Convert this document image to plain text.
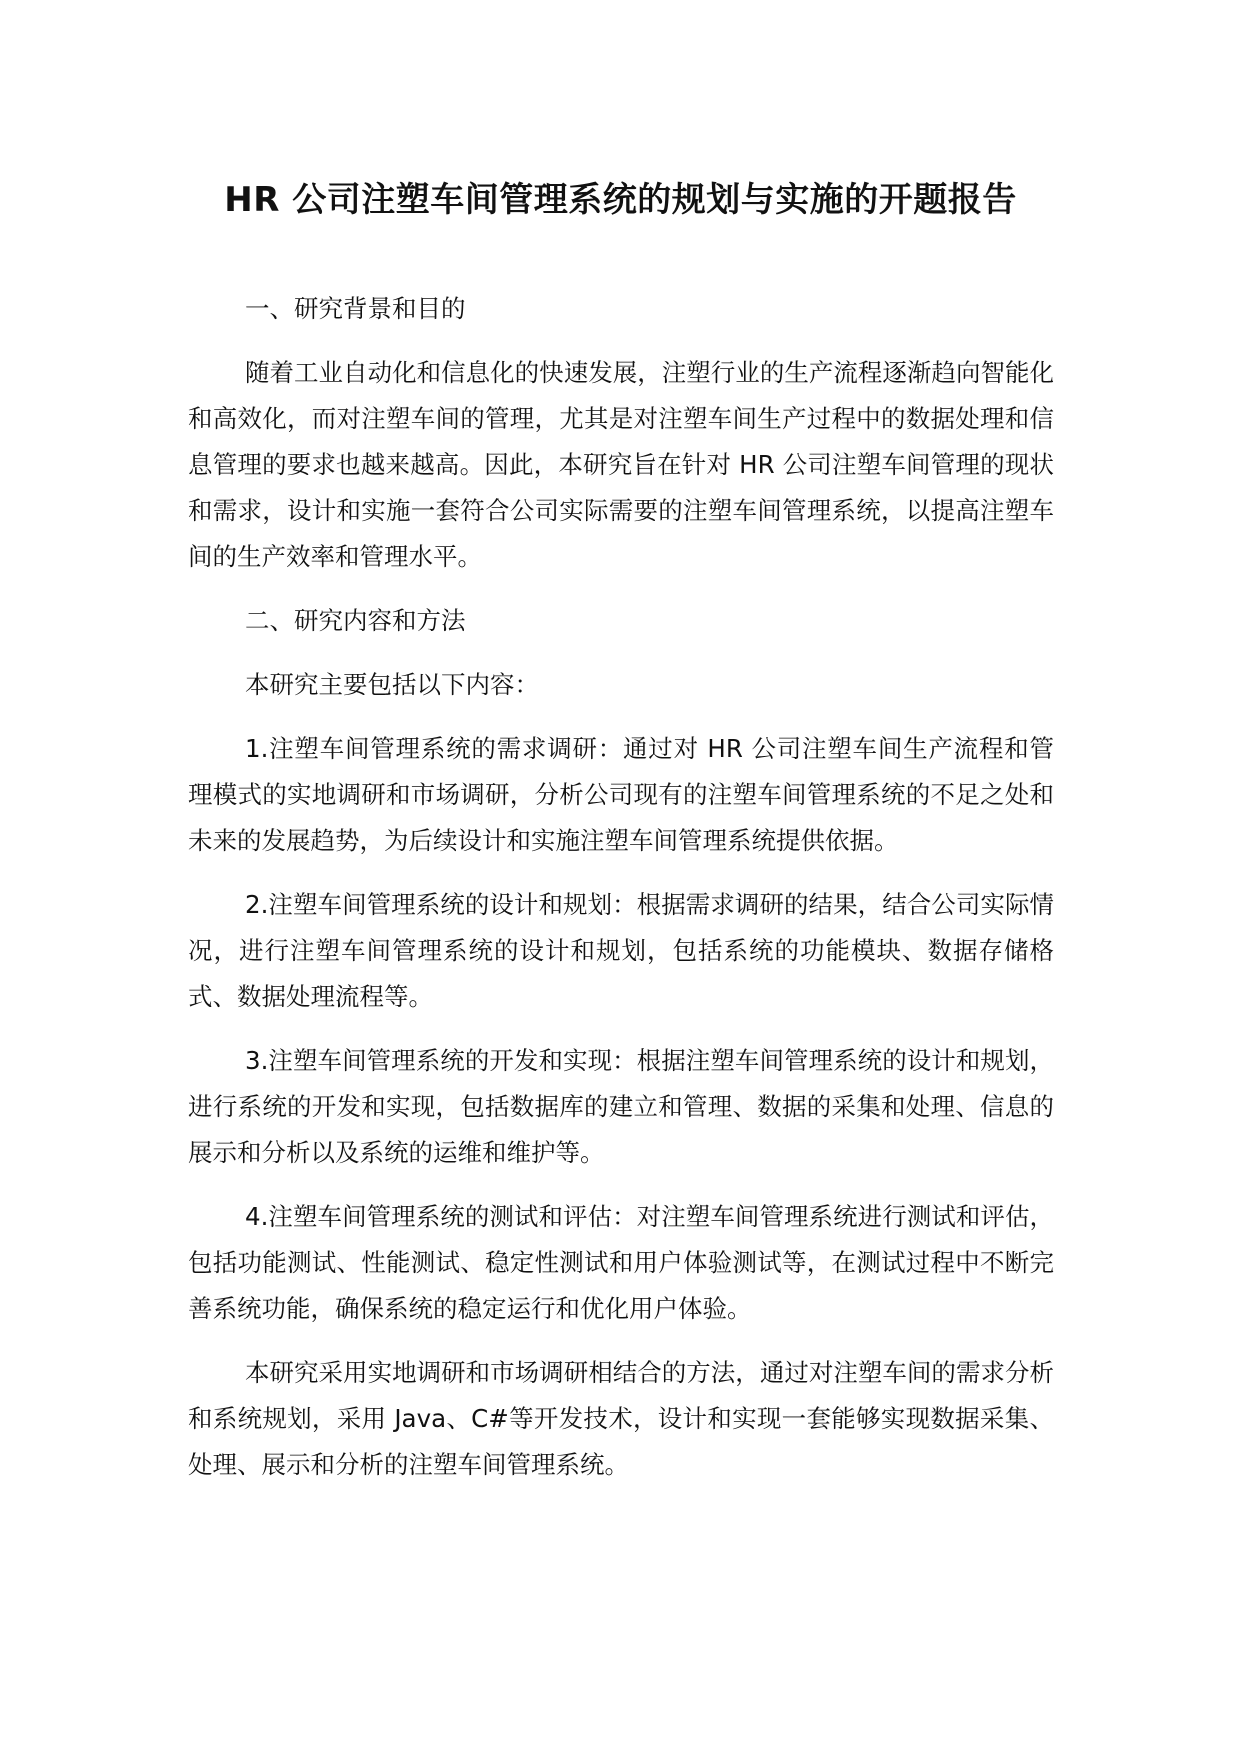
HR 公司注塑车间管理系统的规划与实施的开题报告

一、研究背景和目的

随着工业自动化和信息化的快速发展，注塑行业的生产流程逐渐趋向智能化和高效化，而对注塑车间的管理，尤其是对注塑车间生产过程中的数据处理和信息管理的要求也越来越高。因此，本研究旨在针对 HR 公司注塑车间管理的现状和需求，设计和实施一套符合公司实际需要的注塑车间管理系统，以提高注塑车间的生产效率和管理水平。

二、研究内容和方法

本研究主要包括以下内容：

1.注塑车间管理系统的需求调研：通过对 HR 公司注塑车间生产流程和管理模式的实地调研和市场调研，分析公司现有的注塑车间管理系统的不足之处和未来的发展趋势，为后续设计和实施注塑车间管理系统提供依据。

2.注塑车间管理系统的设计和规划：根据需求调研的结果，结合公司实际情况，进行注塑车间管理系统的设计和规划，包括系统的功能模块、数据存储格式、数据处理流程等。

3.注塑车间管理系统的开发和实现：根据注塑车间管理系统的设计和规划，进行系统的开发和实现，包括数据库的建立和管理、数据的采集和处理、信息的展示和分析以及系统的运维和维护等。

4.注塑车间管理系统的测试和评估：对注塑车间管理系统进行测试和评估，包括功能测试、性能测试、稳定性测试和用户体验测试等，在测试过程中不断完善系统功能，确保系统的稳定运行和优化用户体验。

本研究采用实地调研和市场调研相结合的方法，通过对注塑车间的需求分析和系统规划，采用 Java、C#等开发技术，设计和实现一套能够实现数据采集、处理、展示和分析的注塑车间管理系统。
